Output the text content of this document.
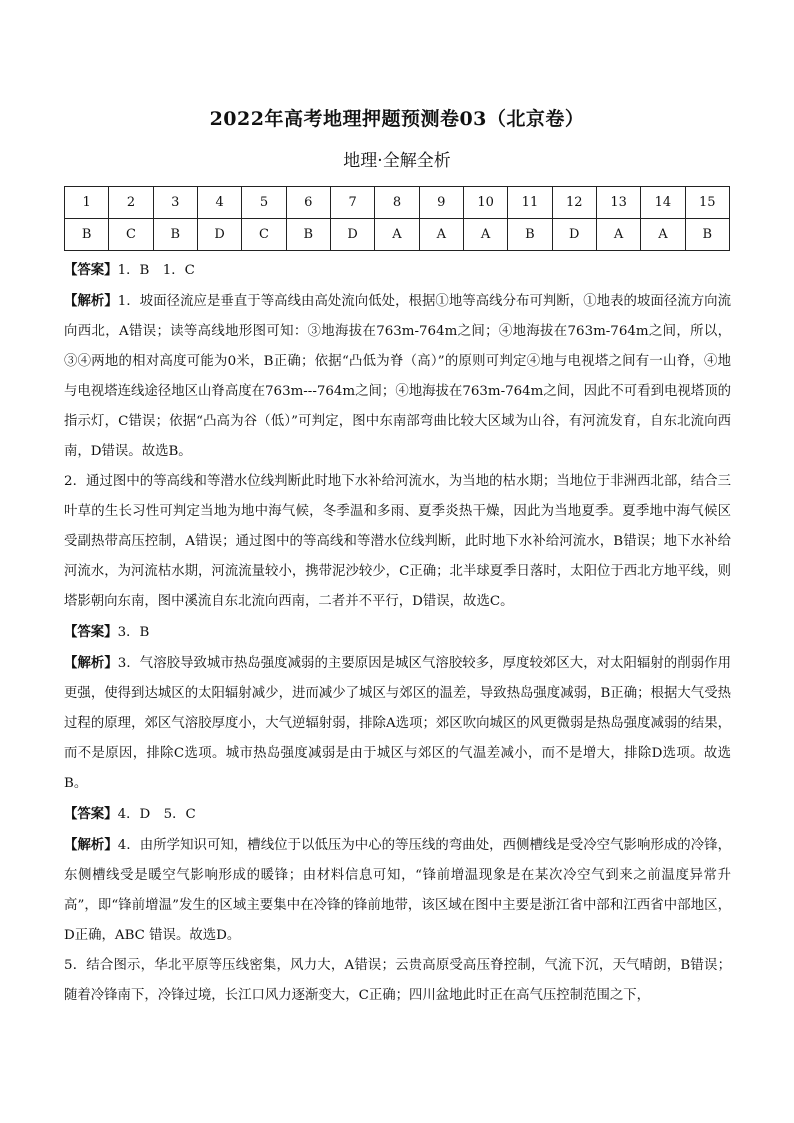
2022年高考地理押题预测卷03（北京卷）
地理·全解全析
1	2	3	4	5	6	7	8	9	10	11	12	13	14	15
B	C	B	D	C	B	D	A	A	A	B	D	A	A	B

【答案】1．B　1．C

【解析】1．坡面径流应是垂直于等高线由高处流向低处，根据①地等高线分布可判断，①地表的坡面径流方向流向西北，A错误；读等高线地形图可知：③地海拔在763m-764m之间；④地海拔在763m-764m之间，所以，③④两地的相对高度可能为0米，B正确；依据“凸低为脊（高）”的原则可判定④地与电视塔之间有一山脊，④地与电视塔连线途径地区山脊高度在763m---764m之间；④地海拔在763m-764m之间，因此不可看到电视塔顶的指示灯，C错误；依据“凸高为谷（低）”可判定，图中东南部弯曲比较大区域为山谷，有河流发育，自东北流向西南，D错误。故选B。

2．通过图中的等高线和等潜水位线判断此时地下水补给河流水，为当地的枯水期；当地位于非洲西北部，结合三叶草的生长习性可判定当地为地中海气候，冬季温和多雨、夏季炎热干燥，因此为当地夏季。夏季地中海气候区受副热带高压控制，A错误；通过图中的等高线和等潜水位线判断，此时地下水补给河流水，B错误；地下水补给河流水，为河流枯水期，河流流量较小，携带泥沙较少，C正确；北半球夏季日落时，太阳位于西北方地平线，则塔影朝向东南，图中溪流自东北流向西南，二者并不平行，D错误，故选C。

【答案】3．B

【解析】3．气溶胶导致城市热岛强度减弱的主要原因是城区气溶胶较多，厚度较郊区大，对太阳辐射的削弱作用更强，使得到达城区的太阳辐射减少，进而减少了城区与郊区的温差，导致热岛强度减弱，B正确；根据大气受热过程的原理，郊区气溶胶厚度小，大气逆辐射弱，排除A选项；郊区吹向城区的风更微弱是热岛强度减弱的结果，而不是原因，排除C选项。城市热岛强度减弱是由于城区与郊区的气温差减小，而不是增大，排除D选项。故选B。

【答案】4．D　5．C

【解析】4．由所学知识可知，槽线位于以低压为中心的等压线的弯曲处，西侧槽线是受冷空气影响形成的冷锋，东侧槽线受是暖空气影响形成的暖锋；由材料信息可知，“锋前增温现象是在某次冷空气到来之前温度异常升高”，即“锋前增温”发生的区域主要集中在冷锋的锋前地带，该区域在图中主要是浙江省中部和江西省中部地区，D正确，ABC 错误。故选D。

5．结合图示，华北平原等压线密集，风力大，A错误；云贵高原受高压脊控制，气流下沉，天气晴朗，B错误；随着冷锋南下，冷锋过境，长江口风力逐渐变大，C正确；四川盆地此时正在高气压控制范围之下，
